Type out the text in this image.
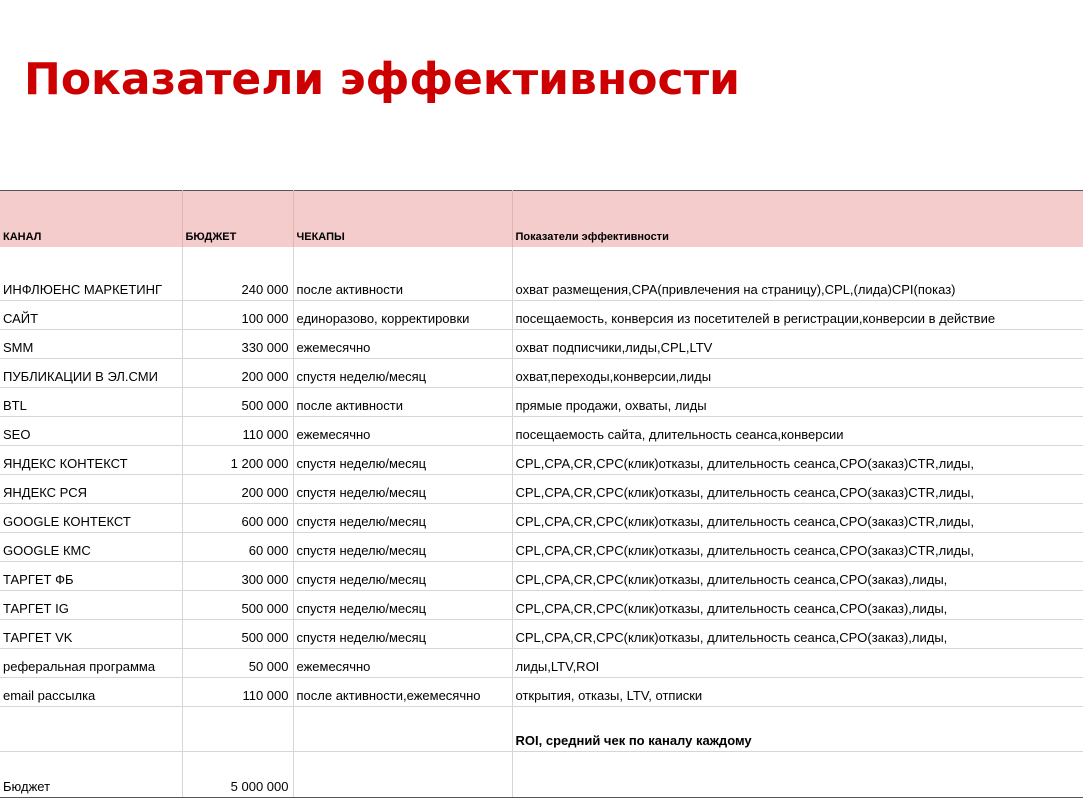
Показатели эффективности
КАНАЛ	БЮДЖЕТ	ЧЕКАПЫ	Показатели эффективности

ИНФЛЮЕНС МАРКЕТИНГ	240 000	после активности	охват размещения,CPA(привлечения на страницу),CPL,(лида)CPI(показ)
САЙТ	100 000	единоразово, корректировки	посещаемость, конверсия из посетителей в регистрации,конверсии в действие
SMM	330 000	ежемесячно	охват подписчики,лиды,CPL,LTV
ПУБЛИКАЦИИ В ЭЛ.СМИ	200 000	спустя неделю/месяц	охват,переходы,конверсии,лиды
BTL	500 000	после активности	прямые продажи, охваты, лиды
SEO	110 000	ежемесячно	посещаемость сайта, длительность сеанса,конверсии
ЯНДЕКС КОНТЕКСТ	1 200 000	спустя неделю/месяц	CPL,CPA,CR,CPC(клик)отказы, длительность сеанса,CPO(заказ)CTR,лиды,
ЯНДЕКС РСЯ	200 000	спустя неделю/месяц	CPL,CPA,CR,CPC(клик)отказы, длительность сеанса,CPO(заказ)CTR,лиды,
GOOGLE КОНТЕКСТ	600 000	спустя неделю/месяц	CPL,CPA,CR,CPC(клик)отказы, длительность сеанса,CPO(заказ)CTR,лиды,
GOOGLE КМС	60 000	спустя неделю/месяц	CPL,CPA,CR,CPC(клик)отказы, длительность сеанса,CPO(заказ)CTR,лиды,
ТАРГЕТ ФБ	300 000	спустя неделю/месяц	CPL,CPA,CR,CPC(клик)отказы, длительность сеанса,CPO(заказ),лиды,
ТАРГЕТ IG	500 000	спустя неделю/месяц	CPL,CPA,CR,CPC(клик)отказы, длительность сеанса,CPO(заказ),лиды,
ТАРГЕТ VK	500 000	спустя неделю/месяц	CPL,CPA,CR,CPC(клик)отказы, длительность сеанса,CPO(заказ),лиды,
реферальная программа	50 000	ежемесячно	лиды,LTV,ROI
email рассылка	110 000	после активности,ежемесячно	открытия, отказы, LTV, отписки
			ROI, средний чек по каналу каждому
Бюджет	5 000 000		
